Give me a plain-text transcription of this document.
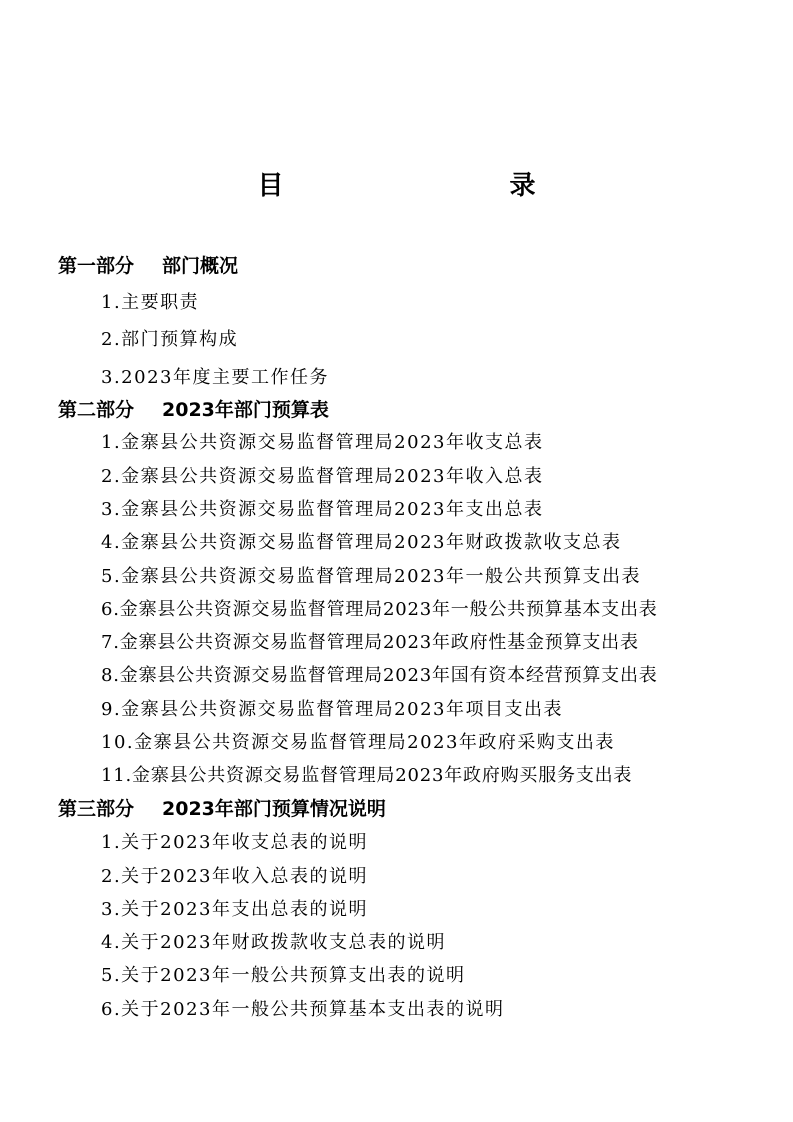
目　　录
第一部分 部门概况
1.主要职责
2.部门预算构成
3.2023年度主要工作任务
第二部分 2023年部门预算表
1.金寨县公共资源交易监督管理局2023年收支总表
2.金寨县公共资源交易监督管理局2023年收入总表
3.金寨县公共资源交易监督管理局2023年支出总表
4.金寨县公共资源交易监督管理局2023年财政拨款收支总表
5.金寨县公共资源交易监督管理局2023年一般公共预算支出表
6.金寨县公共资源交易监督管理局2023年一般公共预算基本支出表
7.金寨县公共资源交易监督管理局2023年政府性基金预算支出表
8.金寨县公共资源交易监督管理局2023年国有资本经营预算支出表
9.金寨县公共资源交易监督管理局2023年项目支出表
10.金寨县公共资源交易监督管理局2023年政府采购支出表
11.金寨县公共资源交易监督管理局2023年政府购买服务支出表
第三部分 2023年部门预算情况说明
1.关于2023年收支总表的说明
2.关于2023年收入总表的说明
3.关于2023年支出总表的说明
4.关于2023年财政拨款收支总表的说明
5.关于2023年一般公共预算支出表的说明
6.关于2023年一般公共预算基本支出表的说明
